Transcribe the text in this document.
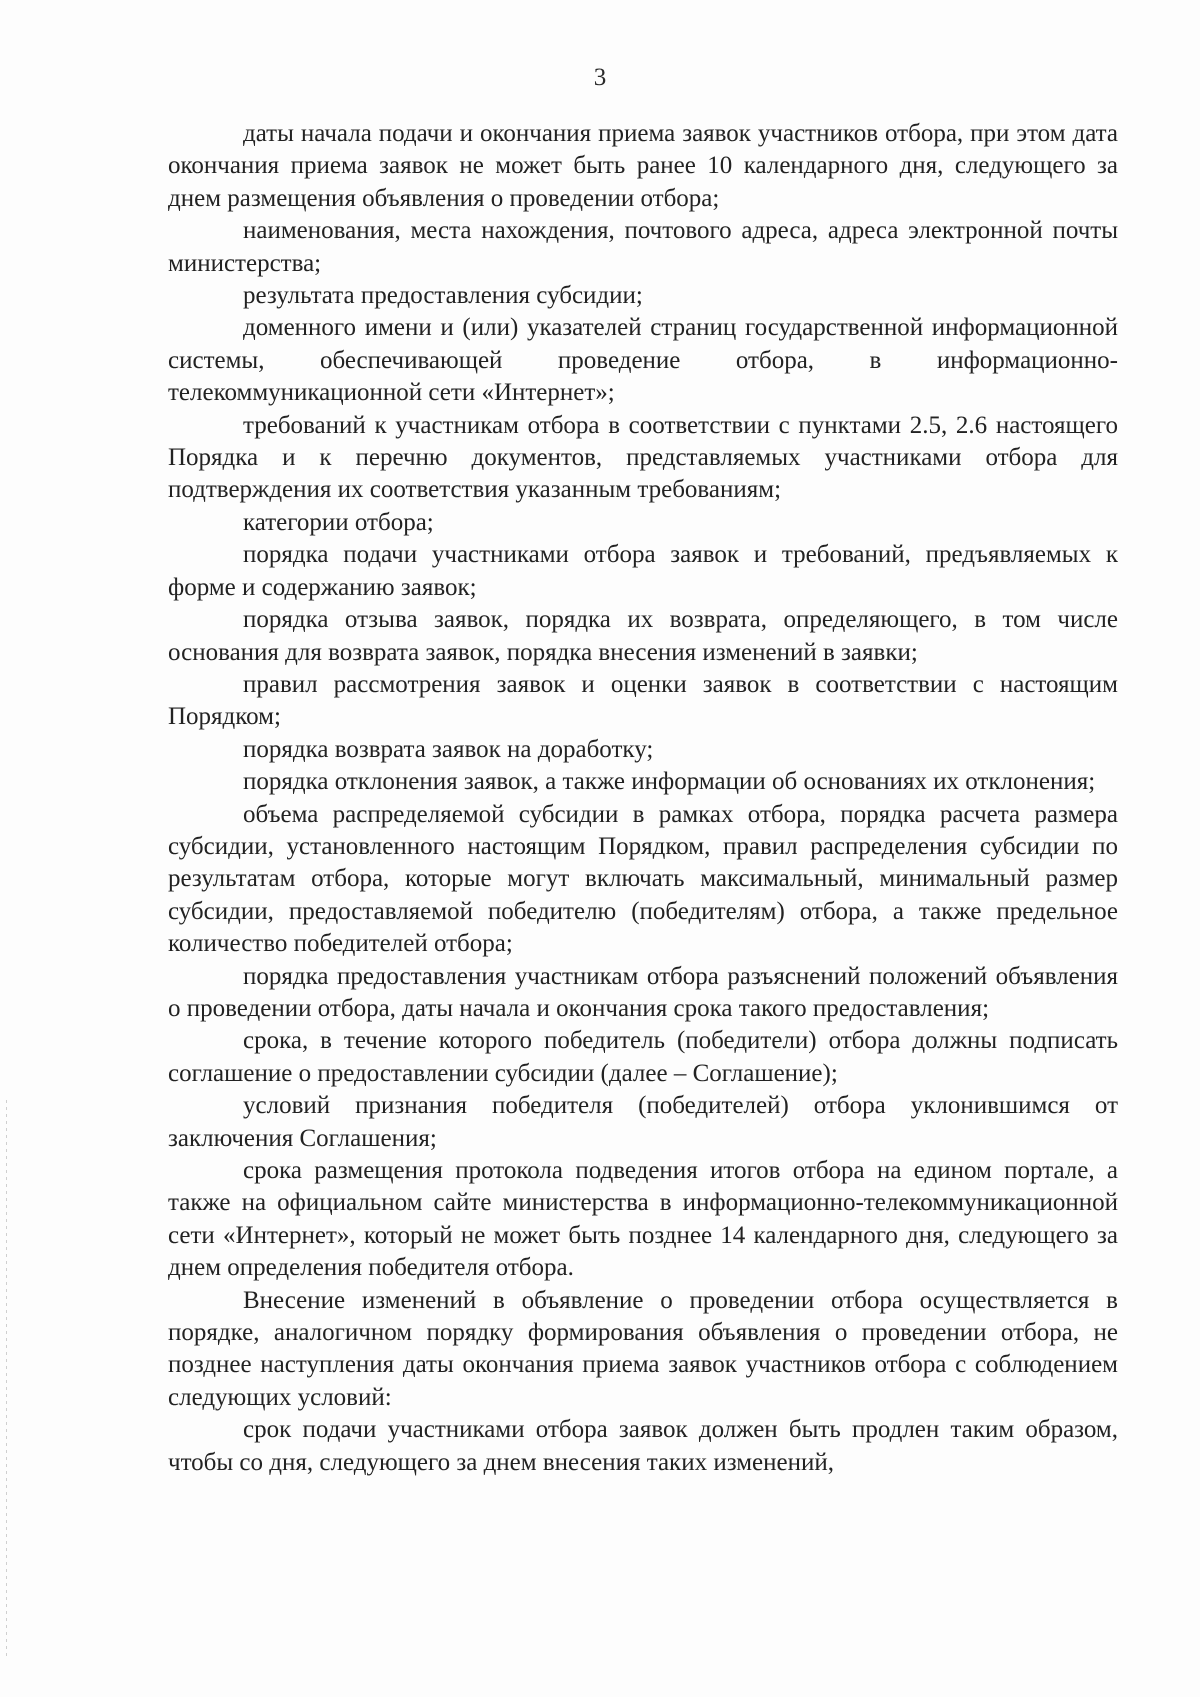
3

даты начала подачи и окончания приема заявок участников отбора, при этом дата окончания приема заявок не может быть ранее 10 календарного дня, следующего за днем размещения объявления о проведении отбора;

наименования, места нахождения, почтового адреса, адреса электронной почты министерства;

результата предоставления субсидии;

доменного имени и (или) указателей страниц государственной информационной системы, обеспечивающей проведение отбора, в информационно-телекоммуникационной сети «Интернет»;

требований к участникам отбора в соответствии с пунктами 2.5, 2.6 настоящего Порядка и к перечню документов, представляемых участниками отбора для подтверждения их соответствия указанным требованиям;

категории отбора;

порядка подачи участниками отбора заявок и требований, предъявляемых к форме и содержанию заявок;

порядка отзыва заявок, порядка их возврата, определяющего, в том числе основания для возврата заявок, порядка внесения изменений в заявки;

правил рассмотрения заявок и оценки заявок в соответствии с настоящим Порядком;

порядка возврата заявок на доработку;

порядка отклонения заявок, а также информации об основаниях их отклонения;

объема распределяемой субсидии в рамках отбора, порядка расчета размера субсидии, установленного настоящим Порядком, правил распределения субсидии по результатам отбора, которые могут включать максимальный, минимальный размер субсидии, предоставляемой победителю (победителям) отбора, а также предельное количество победителей отбора;

порядка предоставления участникам отбора разъяснений положений объявления о проведении отбора, даты начала и окончания срока такого предоставления;

срока, в течение которого победитель (победители) отбора должны подписать соглашение о предоставлении субсидии (далее – Соглашение);

условий признания победителя (победителей) отбора уклонившимся от заключения Соглашения;

срока размещения протокола подведения итогов отбора на едином портале, а также на официальном сайте министерства в информационно-телекоммуникационной сети «Интернет», который не может быть позднее 14 календарного дня, следующего за днем определения победителя отбора.

Внесение изменений в объявление о проведении отбора осуществляется в порядке, аналогичном порядку формирования объявления о проведении отбора, не позднее наступления даты окончания приема заявок участников отбора с соблюдением следующих условий:

срок подачи участниками отбора заявок должен быть продлен таким образом, чтобы со дня, следующего за днем внесения таких изменений,
